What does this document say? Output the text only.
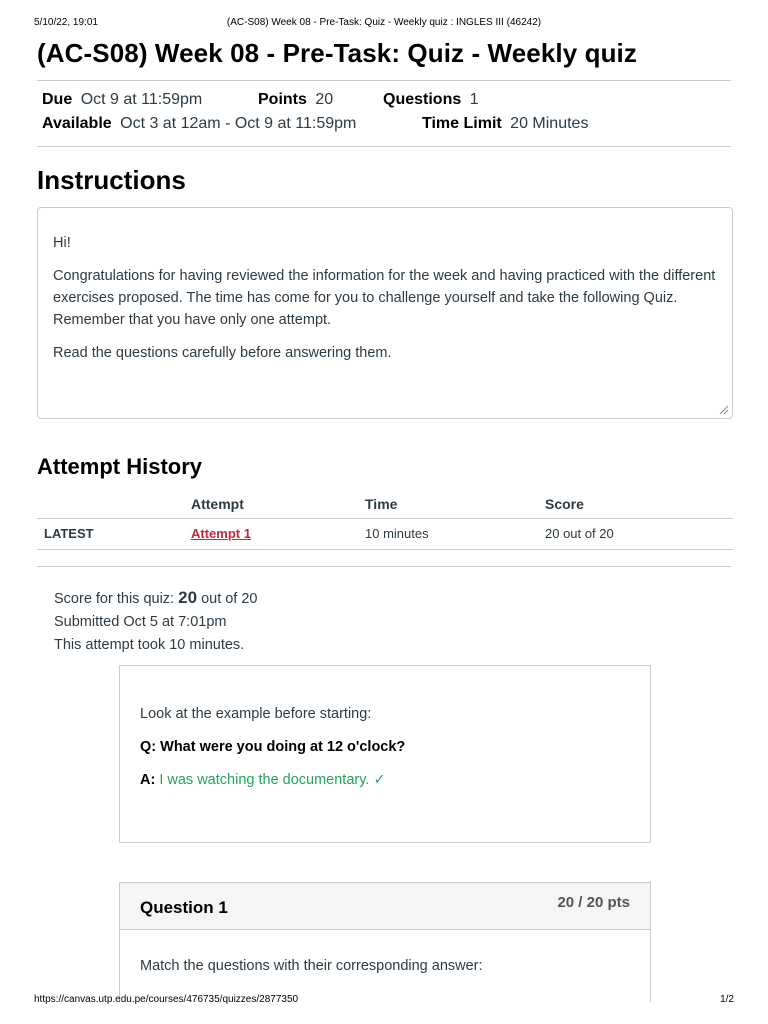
5/10/22, 19:01	(AC-S08) Week 08 - Pre-Task: Quiz - Weekly quiz : INGLES III (46242)
(AC-S08) Week 08 - Pre-Task: Quiz - Weekly quiz
Due Oct 9 at 11:59pm	Points 20	Questions 1
Available Oct 3 at 12am - Oct 9 at 11:59pm	Time Limit 20 Minutes
Instructions

Hi!

Congratulations for having reviewed the information for the week and having practiced with the different exercises proposed. The time has come for you to challenge yourself and take the following Quiz. Remember that you have only one attempt.

Read the questions carefully before answering them.

Attempt History
	Attempt	Time	Score
LATEST	Attempt 1	10 minutes	20 out of 20
Score for this quiz: 20 out of 20
Submitted Oct 5 at 7:01pm
This attempt took 10 minutes.
Look at the example before starting:
Q: What were you doing at 12 o'clock?
A: I was watching the documentary. ✓
Question 1	20 / 20 pts
Match the questions with their corresponding answer:
https://canvas.utp.edu.pe/courses/476735/quizzes/2877350	1/2
